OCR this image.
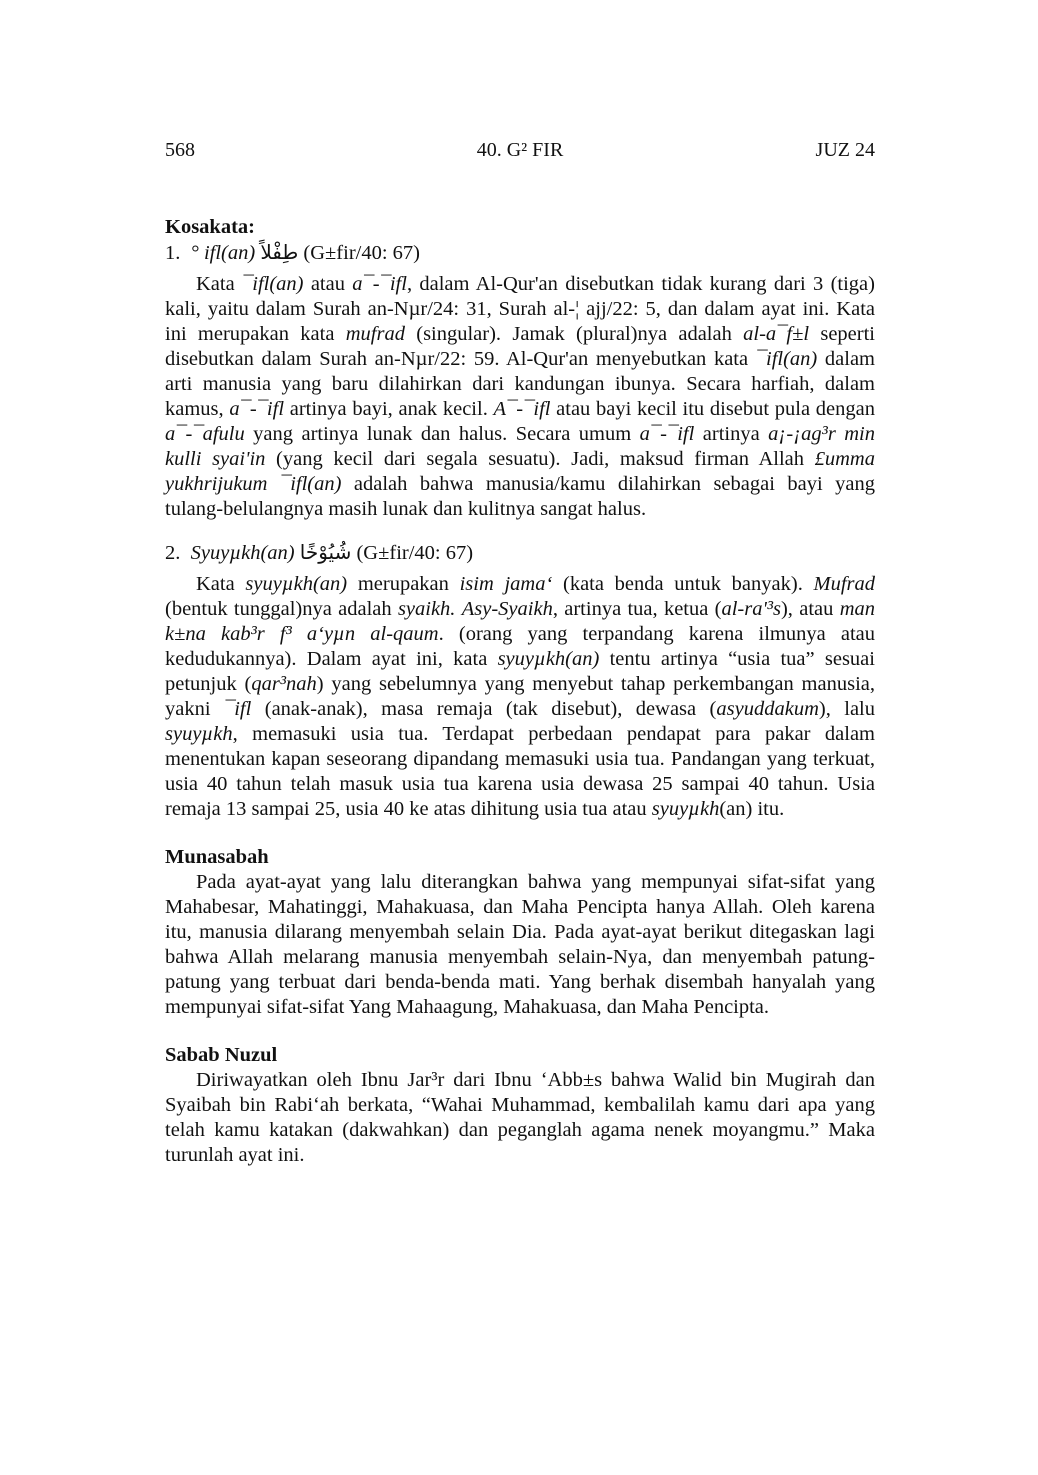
568	40. G² FIR	JUZ 24
Kosakata:

1. ° ifl(an) طِفْلاً (G±fir/40: 67)

Kata ¯ifl(an) atau a¯-¯ifl, dalam Al-Qur'an disebutkan tidak kurang dari 3 (tiga) kali, yaitu dalam Surah an-Nµr/24: 31, Surah al-¦ ajj/22: 5, dan dalam ayat ini. Kata ini merupakan kata mufrad (singular). Jamak (plural)nya adalah al-a¯f±l seperti disebutkan dalam Surah an-Nµr/22: 59. Al-Qur'an menyebutkan kata ¯ifl(an) dalam arti manusia yang baru dilahirkan dari kandungan ibunya. Secara harfiah, dalam kamus, a¯-¯ifl artinya bayi, anak kecil. A¯-¯ifl atau bayi kecil itu disebut pula dengan a¯-¯afulu yang artinya lunak dan halus. Secara umum a¯-¯ifl artinya a¡-¡ag³r min kulli syai'in (yang kecil dari segala sesuatu). Jadi, maksud firman Allah £umma yukhrijukum ¯ifl(an) adalah bahwa manusia/kamu dilahirkan sebagai bayi yang tulang-belulangnya masih lunak dan kulitnya sangat halus.

2. Syuyµkh(an) شُيُوْخًا (G±fir/40: 67)

Kata syuyµkh(an) merupakan isim jama‘ (kata benda untuk banyak). Mufrad (bentuk tunggal)nya adalah syaikh. Asy-Syaikh, artinya tua, ketua (al-ra'³s), atau man k±na kab³r f³ a‘yµn al-qaum. (orang yang terpandang karena ilmunya atau kedudukannya). Dalam ayat ini, kata syuyµkh(an) tentu artinya “usia tua” sesuai petunjuk (qar³nah) yang sebelumnya yang menyebut tahap perkembangan manusia, yakni ¯ifl (anak-anak), masa remaja (tak disebut), dewasa (asyuddakum), lalu syuyµkh, memasuki usia tua. Terdapat perbedaan pendapat para pakar dalam menentukan kapan seseorang dipandang memasuki usia tua. Pandangan yang terkuat, usia 40 tahun telah masuk usia tua karena usia dewasa 25 sampai 40 tahun. Usia remaja 13 sampai 25, usia 40 ke atas dihitung usia tua atau syuyµkh(an) itu.

Munasabah

Pada ayat-ayat yang lalu diterangkan bahwa yang mempunyai sifat-sifat yang Mahabesar, Mahatinggi, Mahakuasa, dan Maha Pencipta hanya Allah. Oleh karena itu, manusia dilarang menyembah selain Dia. Pada ayat-ayat berikut ditegaskan lagi bahwa Allah melarang manusia menyembah selain-Nya, dan menyembah patung-patung yang terbuat dari benda-benda mati. Yang berhak disembah hanyalah yang mempunyai sifat-sifat Yang Mahaagung, Mahakuasa, dan Maha Pencipta.

Sabab Nuzul

Diriwayatkan oleh Ibnu Jar³r dari Ibnu ‘Abb±s bahwa Walid bin Mugirah dan Syaibah bin Rabi‘ah berkata, “Wahai Muhammad, kembalilah kamu dari apa yang telah kamu katakan (dakwahkan) dan peganglah agama nenek moyangmu.” Maka turunlah ayat ini.
